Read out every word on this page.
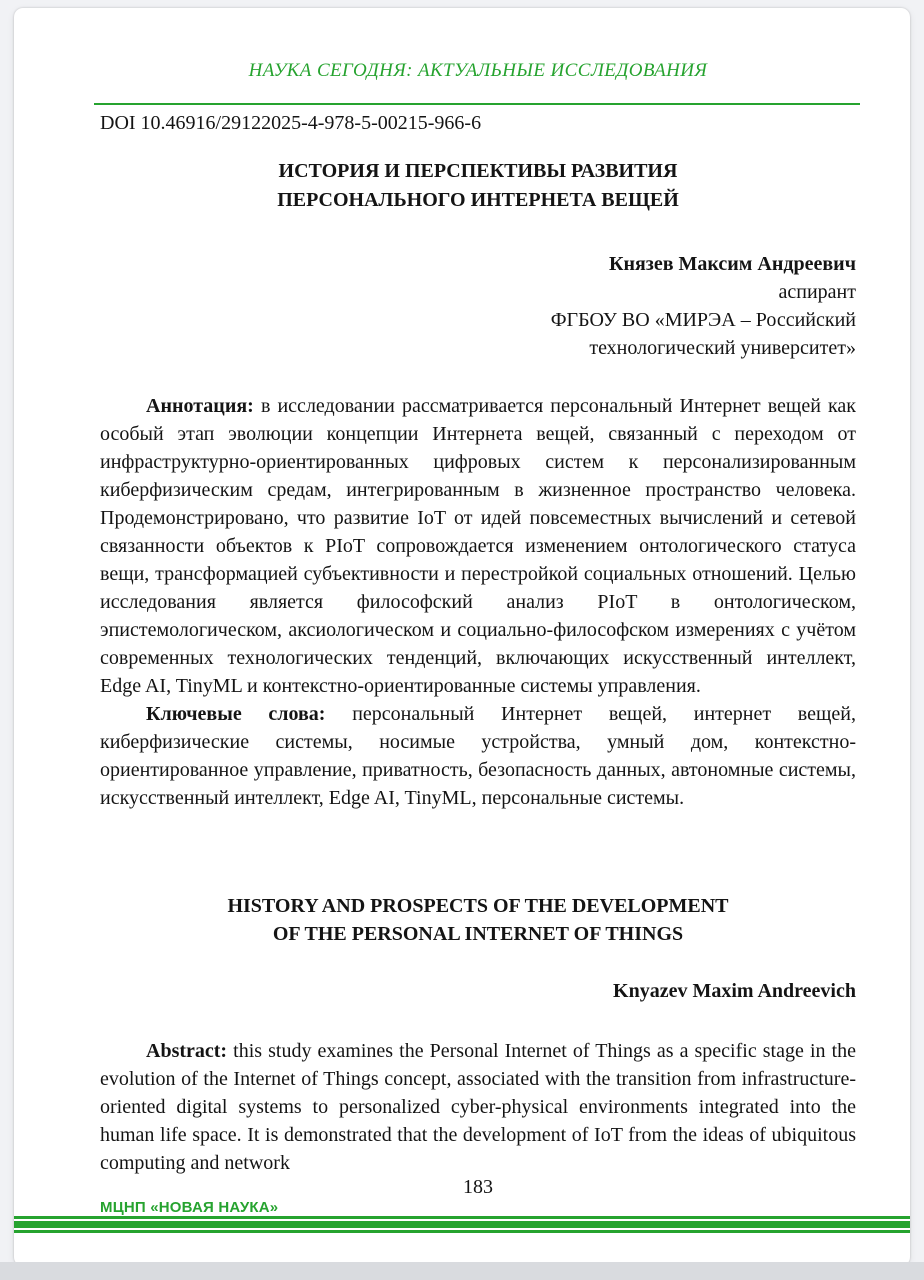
НАУКА СЕГОДНЯ: АКТУАЛЬНЫЕ ИССЛЕДОВАНИЯ
DOI 10.46916/29122025-4-978-5-00215-966-6
ИСТОРИЯ И ПЕРСПЕКТИВЫ РАЗВИТИЯ
ПЕРСОНАЛЬНОГО ИНТЕРНЕТА ВЕЩЕЙ
Князев Максим Андреевич
аспирант
ФГБОУ ВО «МИРЭА – Российский
технологический университет»

Аннотация: в исследовании рассматривается персональный Интернет вещей как особый этап эволюции концепции Интернета вещей, связанный с переходом от инфраструктурно-ориентированных цифровых систем к персонализированным киберфизическим средам, интегрированным в жизненное пространство человека. Продемонстрировано, что развитие IoT от идей повсеместных вычислений и сетевой связанности объектов к PIoT сопровождается изменением онтологического статуса вещи, трансформацией субъективности и перестройкой социальных отношений. Целью исследования является философский анализ PIoT в онтологическом, эпистемологическом, аксиологическом и социально-философском измерениях с учётом современных технологических тенденций, включающих искусственный интеллект, Edge AI, TinyML и контекстно-ориентированные системы управления.

Ключевые слова: персональный Интернет вещей, интернет вещей, киберфизические системы, носимые устройства, умный дом, контекстно-ориентированное управление, приватность, безопасность данных, автономные системы, искусственный интеллект, Edge AI, TinyML, персональные системы.

HISTORY AND PROSPECTS OF THE DEVELOPMENT
OF THE PERSONAL INTERNET OF THINGS
Knyazev Maxim Andreevich

Abstract: this study examines the Personal Internet of Things as a specific stage in the evolution of the Internet of Things concept, associated with the transition from infrastructure-oriented digital systems to personalized cyber-physical environments integrated into the human life space. It is demonstrated that the development of IoT from the ideas of ubiquitous computing and network

183
МЦНП «НОВАЯ НАУКА»
